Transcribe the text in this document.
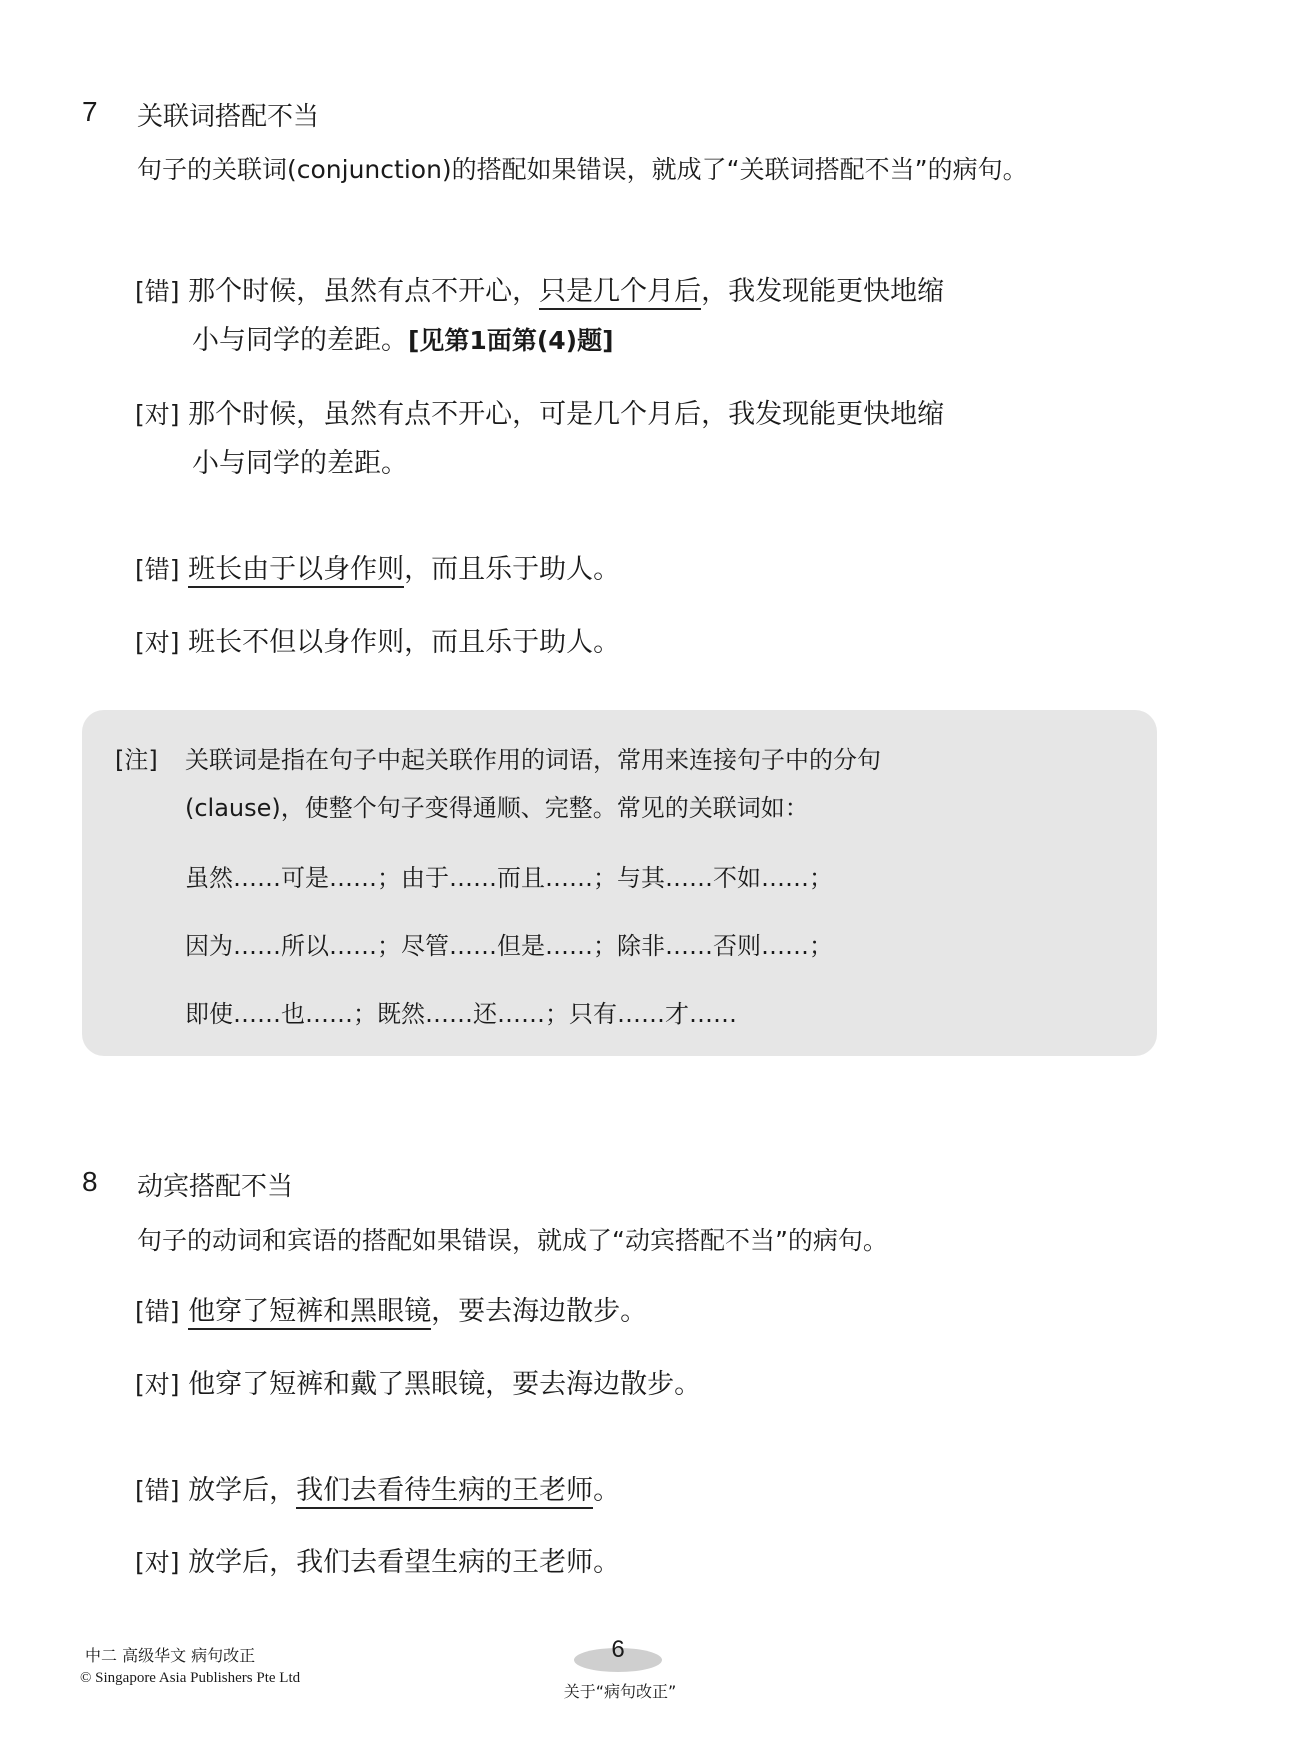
7 关联词搭配不当
句子的关联词(conjunction)的搭配如果错误，就成了“关联词搭配不当”的病句。
[错] 那个时候，虽然有点不开心，只是几个月后，我发现能更快地缩
小与同学的差距。[见第1面第(4)题]
[对] 那个时候，虽然有点不开心，可是几个月后，我发现能更快地缩
小与同学的差距。
[错] 班长由于以身作则，而且乐于助人。
[对] 班长不但以身作则，而且乐于助人。
[注] 关联词是指在句子中起关联作用的词语，常用来连接句子中的分句
(clause)，使整个句子变得通顺、完整。常见的关联词如：
虽然……可是……；由于……而且……；与其……不如……；
因为……所以……；尽管……但是……；除非……否则……；
即使……也……；既然……还……；只有……才……
8 动宾搭配不当
句子的动词和宾语的搭配如果错误，就成了“动宾搭配不当”的病句。
[错] 他穿了短裤和黑眼镜，要去海边散步。
[对] 他穿了短裤和戴了黑眼镜，要去海边散步。
[错] 放学后，我们去看待生病的王老师。
[对] 放学后，我们去看望生病的王老师。
中二 高级华文 病句改正
© Singapore Asia Publishers Pte Ltd
6
关于“病句改正”
